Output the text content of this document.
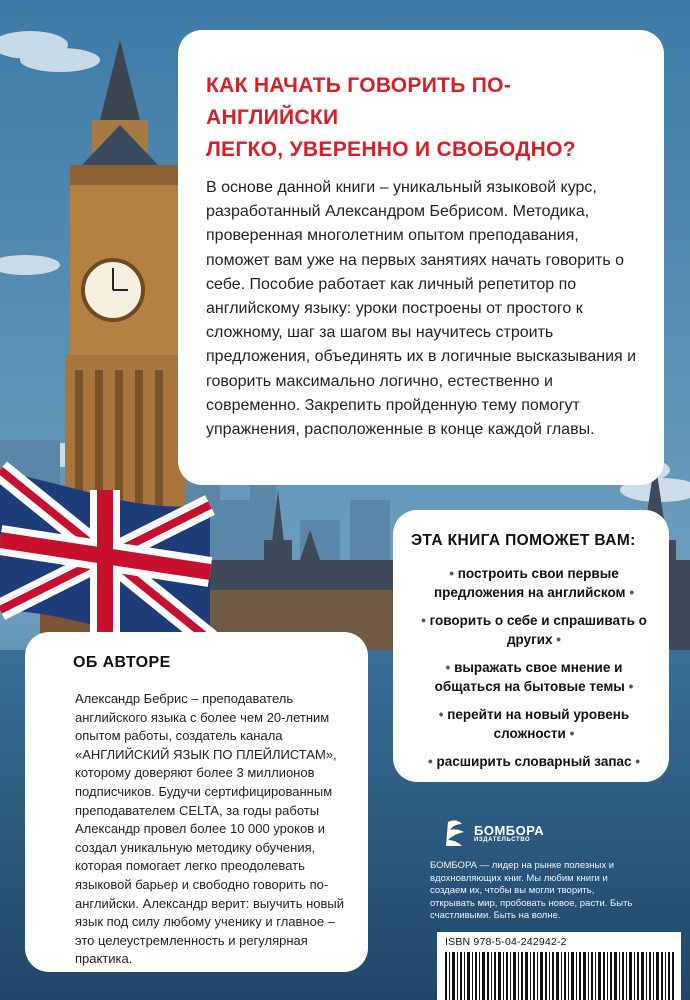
КАК НАЧАТЬ ГОВОРИТЬ ПО-АНГЛИЙСКИ
ЛЕГКО, УВЕРЕННО И СВОБОДНО?

В основе данной книги – уникальный языковой курс, разработанный Александром Бебрисом. Методика, проверенная многолетним опытом преподавания, поможет вам уже на первых занятиях начать говорить о себе. Пособие работает как личный репетитор по английскому языку: уроки построены от простого к сложному, шаг за шагом вы научитесь строить предложения, объединять их в логичные высказывания и говорить максимально логично, естественно и современно. Закрепить пройденную тему помогут упражнения, расположенные в конце каждой главы.

ЭТА КНИГА ПОМОЖЕТ ВАМ:
• построить свои первые предложения на английском •
• говорить о себе и спрашивать о других •
• выражать свое мнение и общаться на бытовые темы •
• перейти на новый уровень сложности •
• расширить словарный запас •
ОБ АВТОРЕ

Александр Бебрис – преподаватель английского языка с более чем 20-летним опытом работы, создатель канала «АНГЛИЙСКИЙ ЯЗЫК ПО ПЛЕЙЛИСТАМ», которому доверяют более 3 миллионов подписчиков. Будучи сертифицированным преподавателем CELTA, за годы работы Александр провел более 10 000 уроков и создал уникальную методику обучения, которая помогает легко преодолевать языковой барьер и свободно говорить по-английски. Александр верит: выучить новый язык под силу любому ученику и главное – это целеустремленность и регулярная практика.

БОМБОРА
ИЗДАТЕЛЬСТВО
БОМБОРА — лидер на рынке полезных и вдохновляющих книг. Мы любим книги и создаем их, чтобы вы могли творить, открывать мир, пробовать новое, расти. Быть счастливыми. Быть на волне.
ISBN 978-5-04-242942-2
